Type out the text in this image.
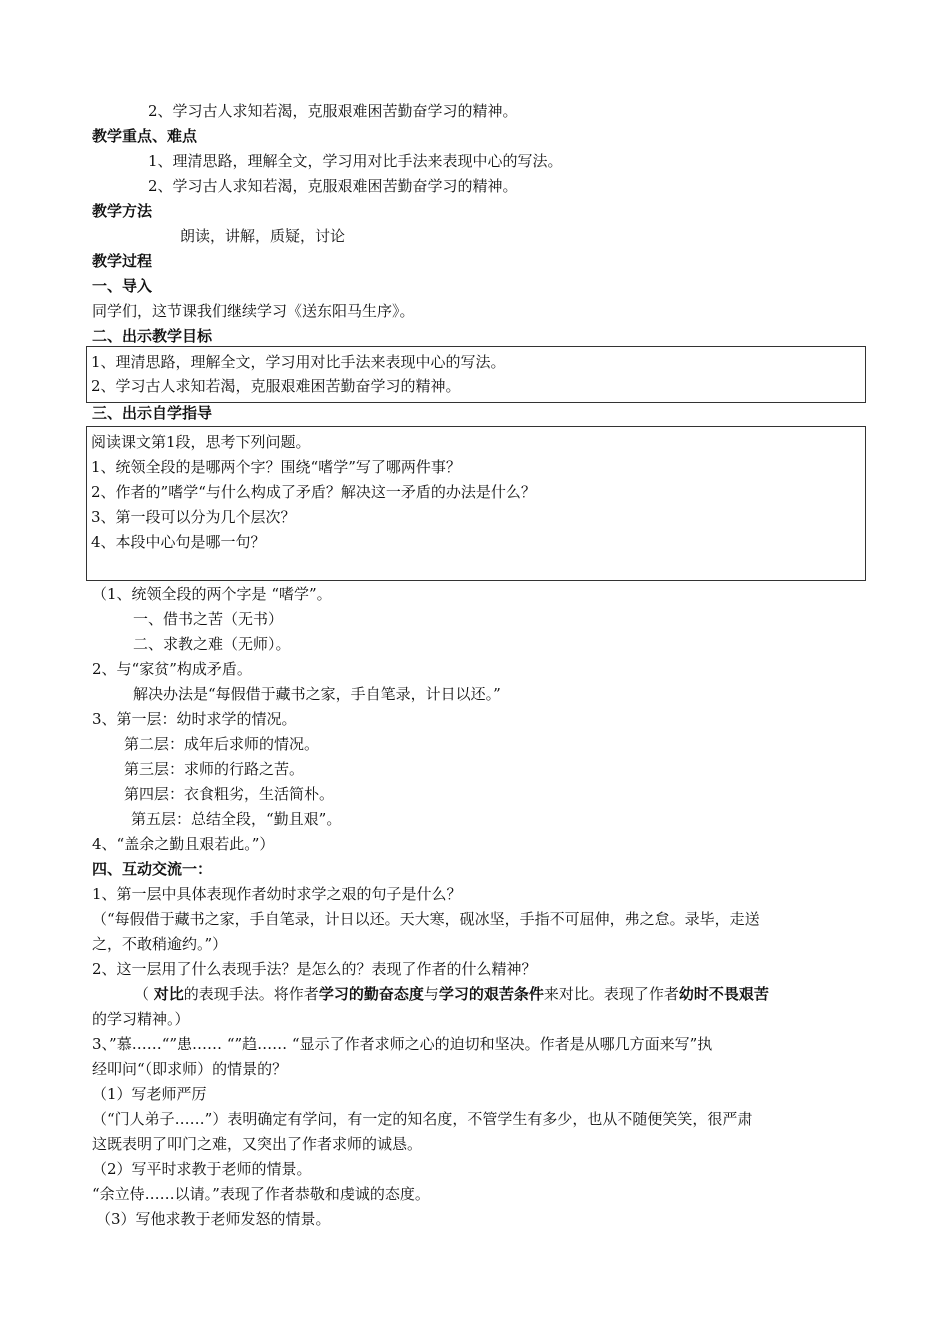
2、学习古人求知若渴，克服艰难困苦勤奋学习的精神。
教学重点、难点
1、理清思路，理解全文，学习用对比手法来表现中心的写法。
2、学习古人求知若渴，克服艰难困苦勤奋学习的精神。
教学方法
朗读，讲解，质疑，讨论
教学过程
一、导入
同学们，这节课我们继续学习《送东阳马生序》。
二、出示教学目标
1、理清思路，理解全文，学习用对比手法来表现中心的写法。
2、学习古人求知若渴，克服艰难困苦勤奋学习的精神。
三、出示自学指导
阅读课文第1段，思考下列问题。
1、统领全段的是哪两个字？围绕“嗜学”写了哪两件事？
2、作者的”嗜学“与什么构成了矛盾？解决这一矛盾的办法是什么？
3、第一段可以分为几个层次？
4、本段中心句是哪一句？
（1、统领全段的两个字是 “嗜学”。
一、借书之苦（无书）
二、求教之难（无师）。
2、与“家贫”构成矛盾。
解决办法是“每假借于藏书之家，手自笔录，计日以还。”
3、第一层：幼时求学的情况。
第二层：成年后求师的情况。
第三层：求师的行路之苦。
第四层：衣食粗劣，生活简朴。
第五层：总结全段，“勤且艰”。
4、“盖余之勤且艰若此。”）
四、互动交流一：
1、第一层中具体表现作者幼时求学之艰的句子是什么？
（“每假借于藏书之家，手自笔录，计日以还。天大寒，砚冰坚，手指不可屈伸，弗之怠。录毕，走送
之，不敢稍逾约。”）
2、这一层用了什么表现手法？是怎么的？表现了作者的什么精神？
（ 对比的表现手法。将作者学习的勤奋态度与学习的艰苦条件来对比。表现了作者幼时不畏艰苦
的学习精神。）
3、”慕……“”患…… “”趋…… “显示了作者求师之心的迫切和坚决。作者是从哪几方面来写”执
经叩问“（即求师）的情景的？
（1）写老师严厉
（“门人弟子……”）表明确定有学问，有一定的知名度，不管学生有多少，也从不随便笑笑，很严肃
这既表明了叩门之难，又突出了作者求师的诚恳。
（2）写平时求教于老师的情景。
“余立侍……以请。”表现了作者恭敬和虔诚的态度。
（3）写他求教于老师发怒的情景。
